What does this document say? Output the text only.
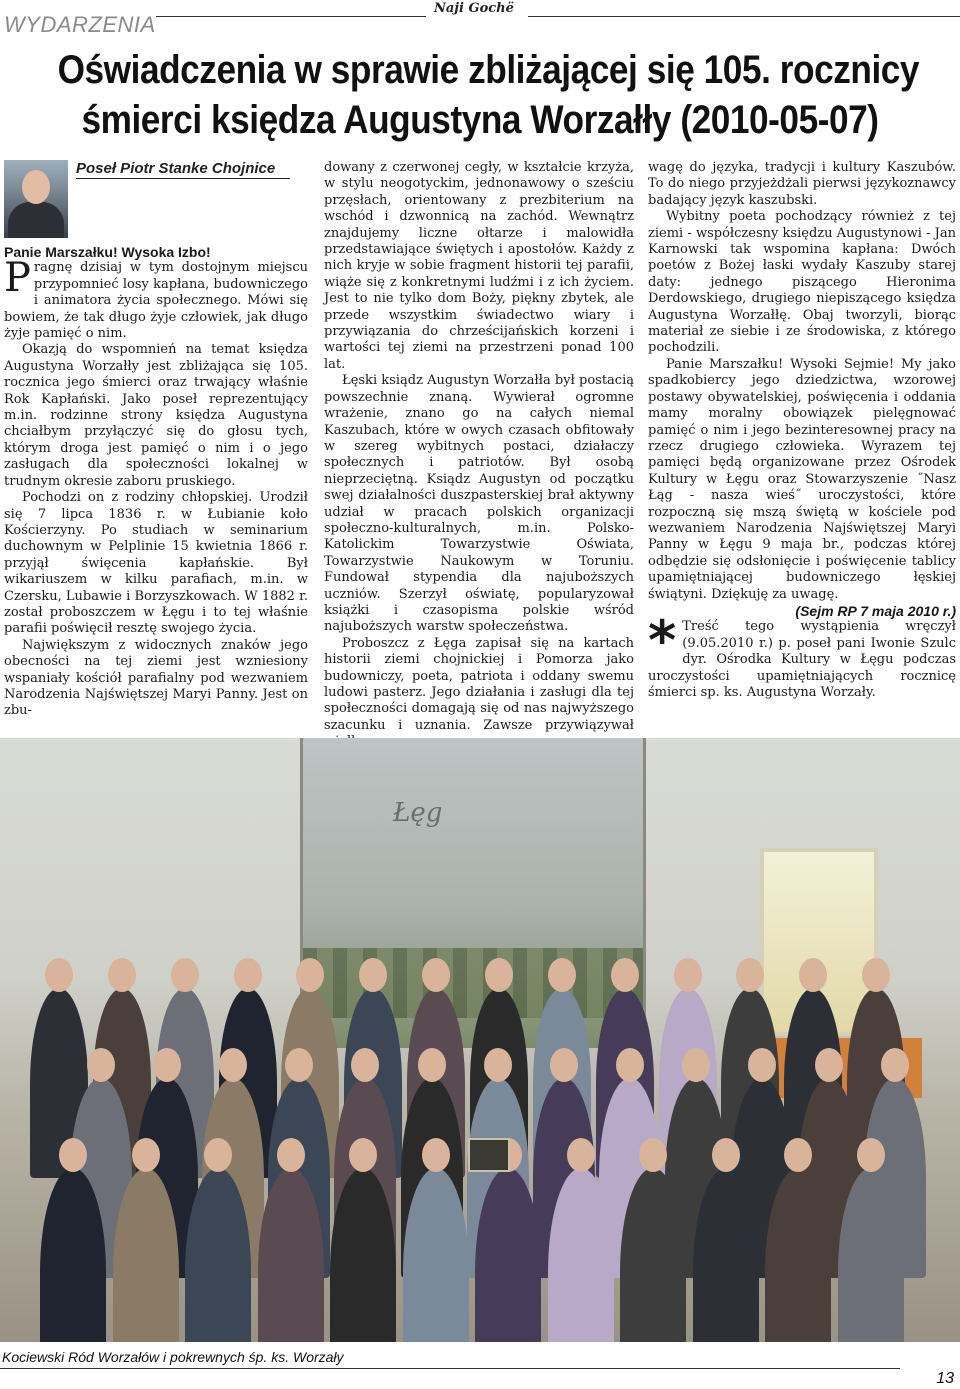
WYDARZENIA
Naji Gochë
Oświadczenia w sprawie zbliżającej się 105. rocznicy
śmierci księdza Augustyna Worzałły (2010-05-07)
Poseł Piotr Stanke Chojnice

Panie Marszałku! Wysoka Izbo!

Pragnę dzisiaj w tym dostojnym miejscu przypomnieć losy kapłana, budowniczego i animatora życia społecznego. Mówi się bowiem, że tak długo żyje człowiek, jak długo żyje pamięć o nim.

Okazją do wspomnień na temat księdza Augustyna Worzałły jest zbliżająca się 105. rocznica jego śmierci oraz trwający właśnie Rok Kapłański. Jako poseł reprezentujący m.in. rodzinne strony księdza Augustyna chciałbym przyłączyć się do głosu tych, którym droga jest pamięć o nim i o jego zasługach dla społeczności lokalnej w trudnym okresie zaboru pruskiego.

Pochodzi on z rodziny chłopskiej. Urodził się 7 lipca 1836 r. w Łubianie koło Kościerzyny. Po studiach w seminarium duchownym w Pelplinie 15 kwietnia 1866 r. przyjął święcenia kapłańskie. Był wikariuszem w kilku parafiach, m.in. w Czersku, Lubawie i Borzyszkowach. W 1882 r. został proboszczem w Łęgu i to tej właśnie parafii poświęcił resztę swojego życia.

Największym z widocznych znaków jego obecności na tej ziemi jest wzniesiony wspaniały kościół parafialny pod wezwaniem Narodzenia Najświętszej Maryi Panny. Jest on zbu-

dowany z czerwonej cegły, w kształcie krzyża, w stylu neogotyckim, jednonawowy o sześciu przęsłach, orientowany z prezbiterium na wschód i dzwonnicą na zachód. Wewnątrz znajdujemy liczne ołtarze i malowidła przedstawiające świętych i apostołów. Każdy z nich kryje w sobie fragment historii tej parafii, wiąże się z konkretnymi ludźmi i z ich życiem. Jest to nie tylko dom Boży, piękny zbytek, ale przede wszystkim świadectwo wiary i przywiązania do chrześcijańskich korzeni i wartości tej ziemi na przestrzeni ponad 100 lat.

Łęski ksiądz Augustyn Worzałła był postacią powszechnie znaną. Wywierał ogromne wrażenie, znano go na całych niemal Kaszubach, które w owych czasach obfitowały w szereg wybitnych postaci, działaczy społecznych i patriotów. Był osobą nieprzeciętną. Ksiądz Augustyn od początku swej działalności duszpasterskiej brał aktywny udział w pracach polskich organizacji społeczno-kulturalnych, m.in. Polsko-Katolickim Towarzystwie Oświata, Towarzystwie Naukowym w Toruniu. Fundował stypendia dla najuboższych uczniów. Szerzył oświatę, popularyzował książki i czasopisma polskie wśród najuboższych warstw społeczeństwa.

Proboszcz z Łęga zapisał się na kartach historii ziemi chojnickiej i Pomorza jako budowniczy, poeta, patriota i oddany swemu ludowi pasterz. Jego działania i zasługi dla tej społeczności domagają się od nas najwyższego szacunku i uznania. Zawsze przywiązywał

wagę do języka, tradycji i kultury Kaszubów. To do niego przyjeżdżali pierwsi językoznawcy badający język kaszubski.

Wybitny poeta pochodzący również z tej ziemi - współczesny księdzu Augustynowi - Jan Karnowski tak wspomina kapłana: Dwóch poetów z Bożej łaski wydały Kaszuby starej daty: jednego piszącego Hieronima Derdowskiego, drugiego niepiszącego księdza Augustyna Worzałłę. Obaj tworzyli, biorąc materiał ze siebie i ze środowiska, z którego pochodzili.

Panie Marszałku! Wysoki Sejmie! My jako spadkobiercy jego dziedzictwa, wzorowej postawy obywatelskiej, poświęcenia i oddania mamy moralny obowiązek pielęgnować pamięć o nim i jego bezinteresownej pracy na rzecz drugiego człowieka. Wyrazem tej pamięci będą organizowane przez Ośrodek Kultury w Łęgu oraz Stowarzyszenie ˝Nasz Łąg - nasza wieś˝ uroczystości, które rozpoczną się mszą świętą w kościele pod wezwaniem Narodzenia Najświętszej Maryi Panny w Łęgu 9 maja br., podczas której odbędzie się odsłonięcie i poświęcenie tablicy upamiętniającej budowniczego łęskiej świątyni. Dziękuję za uwagę.

(Sejm RP 7 maja 2010 r.)

* Treść tego wystąpienia wręczył (9.05.2010 r.) p. poseł pani Iwonie Szulc dyr. Ośrodka Kultury w Łęgu podczas uroczystości upamiętniających rocznicę śmierci sp. ks. Augustyna Worzały.

Łęg
Kociewski Ród Worzałów i pokrewnych śp. ks. Worzały
13
